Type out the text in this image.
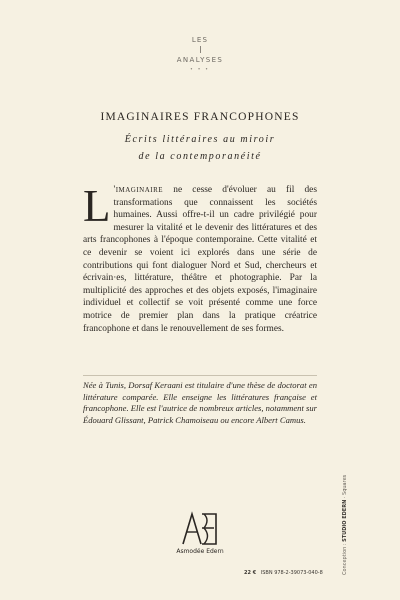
LES
ANALYSES
• • •
IMAGINAIRES FRANCOPHONES
Écrits littéraires au miroir
de la contemporanéité
L 'imaginaire ne cesse d'évoluer au fil des transformations que connaissent les sociétés humaines. Aussi offre-t-il un cadre privilégié pour mesurer la vitalité et le devenir des littératures et des arts francophones à l'époque contemporaine. Cette vitalité et ce devenir se voient ici explorés dans une série de contributions qui font dialoguer Nord et Sud, chercheurs et écrivain·es, littérature, théâtre et photographie. Par la multiplicité des approches et des objets exposés, l'imaginaire individuel et collectif se voit présenté comme une force motrice de premier plan dans la pratique créatrice francophone et dans le renouvellement de ses formes.
Née à Tunis, Dorsaf Keraani est titulaire d'une thèse de doctorat en littérature comparée. Elle enseigne les littératures française et francophone. Elle est l'autrice de nombreux articles, notamment sur Édouard Glissant, Patrick Chamoiseau ou encore Albert Camus.
Asmodée Edern
22 € ISBN 978-2-39073-040-8	Conception : STUDIO EDERN · Squares
